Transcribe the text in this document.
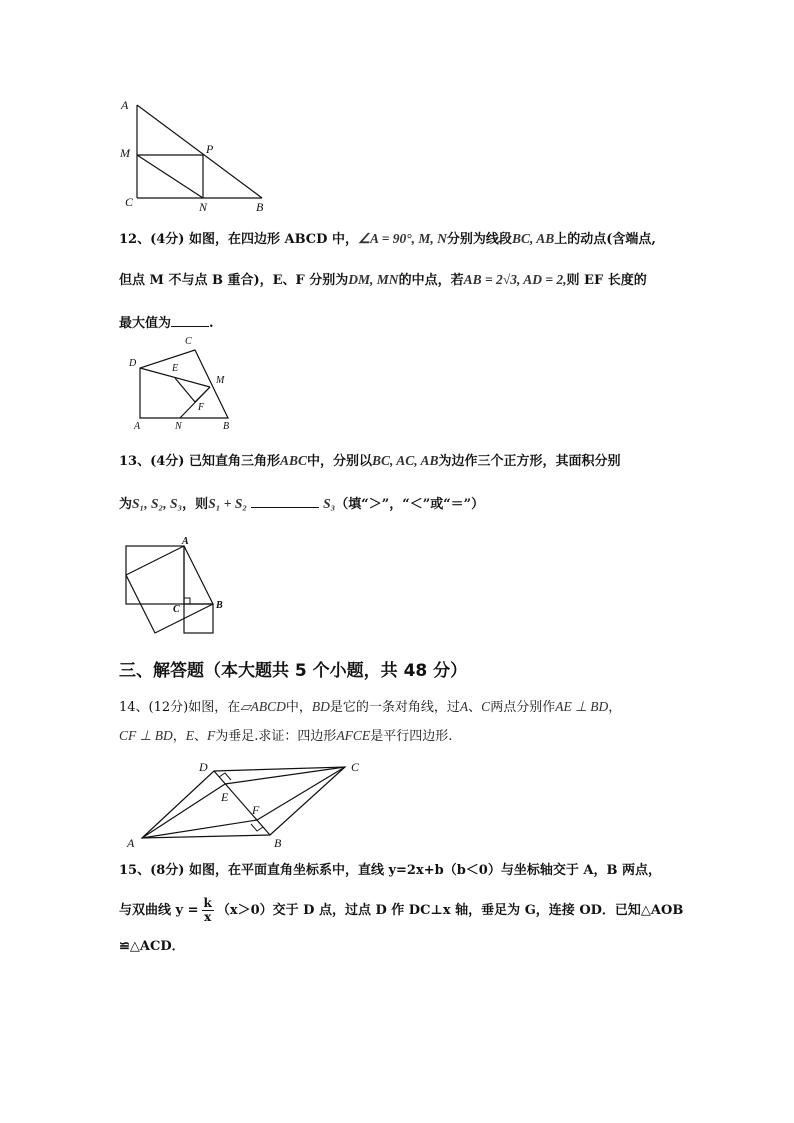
A
M	P
C	N	B
12、(4分) 如图，在四边形 ABCD 中，∠A = 90°, M, N分别为线段BC, AB上的动点(含端点,
但点 M 不与点 B 重合)，E、F 分别为DM, MN的中点，若AB = 2√3, AD = 2,则 EF 长度的
最大值为	.
C
D	E
M
F
A	N	B
13、(4分) 已知直角三角形ABC中，分别以BC, AC, AB为边作三个正方形，其面积分别
为S₁, S₂, S₃，则S₁ + S₂	S₃（填“＞”，“＜”或“＝”）
A
C	B
三、解答题（本大题共 5 个小题，共 48 分）
14、(12分)如图，在▱ABCD中，BD是它的一条对角线，过A、C两点分别作AE ⊥ BD，
CF ⊥ BD，E、F为垂足.求证：四边形AFCE是平行四边形.
D	C
E
F
A	B
15、(8分) 如图，在平面直角坐标系中，直线 y=2x+b（b＜0）与坐标轴交于 A，B 两点，
与双曲线 $y = \frac{k}{x} (x>0)$交于 D 点，过点 D 作 DC⊥x 轴，垂足为 G，连接 OD．已知△AOB
≌△ACD．
